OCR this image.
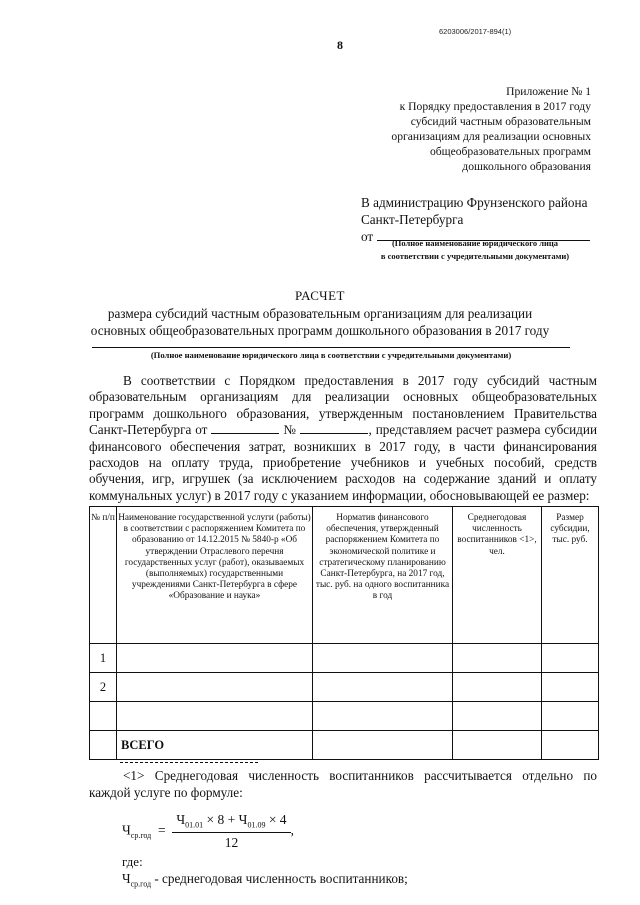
6203006/2017-894(1)
8
Приложение № 1
к Порядку предоставления в 2017 году
субсидий частным образовательным
организациям для реализации основных
общеобразовательных программ
дошкольного образования
В администрацию Фрунзенского района
Санкт-Петербурга
от	(Полное наименование юридического лица
в соответствии с учредительными документами)
РАСЧЕТ
размера субсидий частным образовательным организациям для реализации основных общеобразовательных программ дошкольного образования в 2017 году
(Полное наименование юридического лица в соответствии с учредительными документами)
В соответствии с Порядком предоставления в 2017 году субсидий частным образовательным организациям для реализации основных общеобразовательных программ дошкольного образования, утвержденным постановлением Правительства Санкт-Петербурга от	№	, представляем расчет размера субсидии финансового обеспечения затрат, возникших в 2017 году, в части финансирования расходов на оплату труда, приобретение учебников и учебных пособий, средств обучения, игр, игрушек (за исключением расходов на содержание зданий и оплату коммунальных услуг) в 2017 году с указанием информации, обосновывающей ее размер:
№ п/п	Наименование государственной услуги (работы) в соответствии с распоряжением Комитета по образованию от 14.12.2015 № 5840-р «Об утверждении Отраслевого перечня государственных услуг (работ), оказываемых (выполняемых) государственными учреждениями Санкт-Петербурга в сфере «Образование и наука»	Норматив финансового обеспечения, утвержденный распоряжением Комитета по экономической политике и стратегическому планированию Санкт-Петербурга, на 2017 год, тыс. руб. на одного воспитанника в год	Среднегодовая численность воспитанников <1>, чел.	Размер субсидии, тыс. руб.
1				
2				

	ВСЕГО			
<1> Среднегодовая численность воспитанников рассчитывается отдельно по каждой услуге по формуле:
$Ч_{ср.год} = \frac{Ч_{01.01} \times 8 + Ч_{01.09} \times 4}{12}$ ,
где:
$Ч_{ср.год}$ - среднегодовая численность воспитанников;
